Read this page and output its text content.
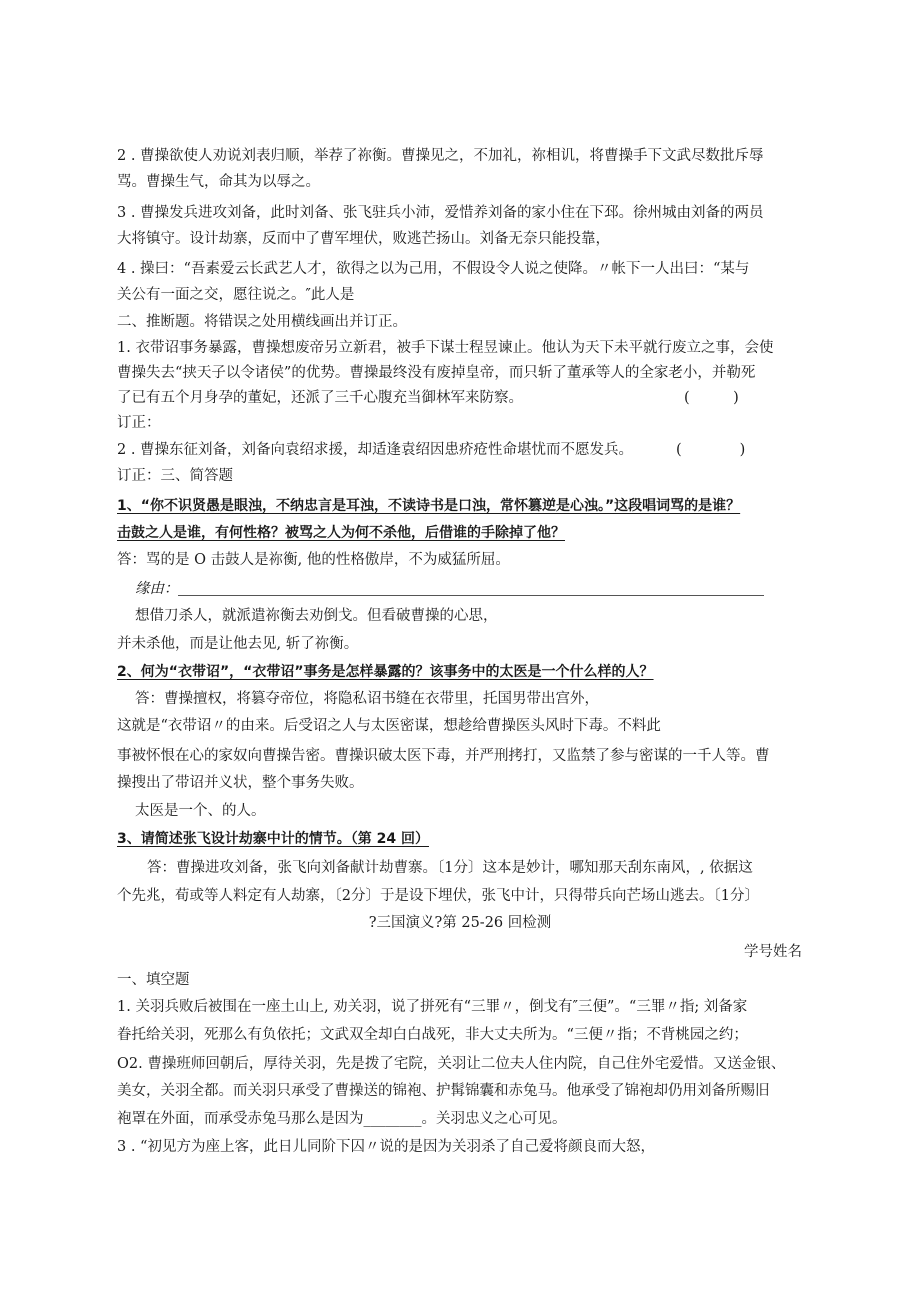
2 . 曹操欲使人劝说刘表归顺，举荐了祢衡。曹操见之，不加礼，祢相讥，将曹操手下文武尽数批斥辱
骂。曹操生气，命其为以辱之。
3 . 曹操发兵进攻刘备，此时刘备、张飞驻兵小沛，爱惜养刘备的家小住在下邳。徐州城由刘备的两员
大将镇守。设计劫寨，反而中了曹军埋伏，败逃芒扬山。刘备无奈只能投靠，
4 . 操曰：“吾素爱云长武艺人才，欲得之以为己用，不假设令人说之使降。〃帐下一人出曰：“某与
关公有一面之交，愿往说之。″此人是
二、推断题。将错误之处用横线画出并订正。
1. 衣带诏事务暴露，曹操想废帝另立新君，被手下谋士程昱谏止。他认为天下未平就行废立之事，会使
曹操失去“挟天子以令诸侯”的优势。曹操最终没有废掉皇帝，而只斩了董承等人的全家老小，并勒死
了已有五个月身孕的董妃，还派了三千心腹充当御林军来防察。	(　　　)
订正：
2 . 曹操东征刘备，刘备向袁绍求援，却适逢袁绍因患疥疮性命堪忧而不愿发兵。	(　　　　)
订正：三、简答题
1、“你不识贤愚是眼浊，不纳忠言是耳浊，不读诗书是口浊，常怀篡逆是心浊。”这段唱词骂的是谁？
击鼓之人是谁，有何性格？被骂之人为何不杀他，后借谁的手除掉了他？
答：骂的是 O 击鼓人是祢衡, 他的性格傲岸，不为威猛所屈。
缘由：
想借刀杀人，就派遣祢衡去劝倒戈。但看破曹操的心思，
并未杀他，而是让他去见, 斩了祢衡。
2、何为“衣带诏”，“衣带诏”事务是怎样暴露的？该事务中的太医是一个什么样的人？
答：曹操擅权，将篡夺帝位，将隐私诏书缝在衣带里，托国男带出宫外，
这就是“衣带诏〃的由来。后受诏之人与太医密谋，想趁给曹操医头风时下毒。不料此
事被怀恨在心的家奴向曹操告密。曹操识破太医下毒，并严刑拷打，又监禁了参与密谋的一千人等。曹
操搜出了带诏并义状，整个事务失败。
太医是一个、的人。
3、请简述张飞设计劫寨中计的情节。（第 24 回）
答：曹操进攻刘备，张飞向刘备献计劫曹寨。〔1分〕这本是妙计，哪知那天刮东南风，, 依据这
个先兆，荀或等人料定有人劫寨，〔2分〕于是设下埋伏，张飞中计，只得带兵向芒场山逃去。〔1分〕
?三国演义?第 25-26 回检测
学号姓名
一、填空题
1. 关羽兵败后被围在一座土山上, 劝关羽，说了拼死有“三罪〃，倒戈有″三便”。“三罪〃指; 刘备家
眷托给关羽，死那么有负依托；文武双全却白白战死，非大丈夫所为。“三便〃指；不背桃园之约；
O2. 曹操班师回朝后，厚待关羽，先是拨了宅院，关羽让二位夫人住内院，自己住外宅爱惜。又送金银、
美女，关羽全都。而关羽只承受了曹操送的锦袍、护髯锦囊和赤兔马。他承受了锦袍却仍用刘备所赐旧
袍罩在外面，而承受赤兔马那么是因为________。关羽忠义之心可见。
3 . “初见方为座上客，此日儿同阶下囚〃说的是因为关羽杀了自己爱将颜良而大怒，
